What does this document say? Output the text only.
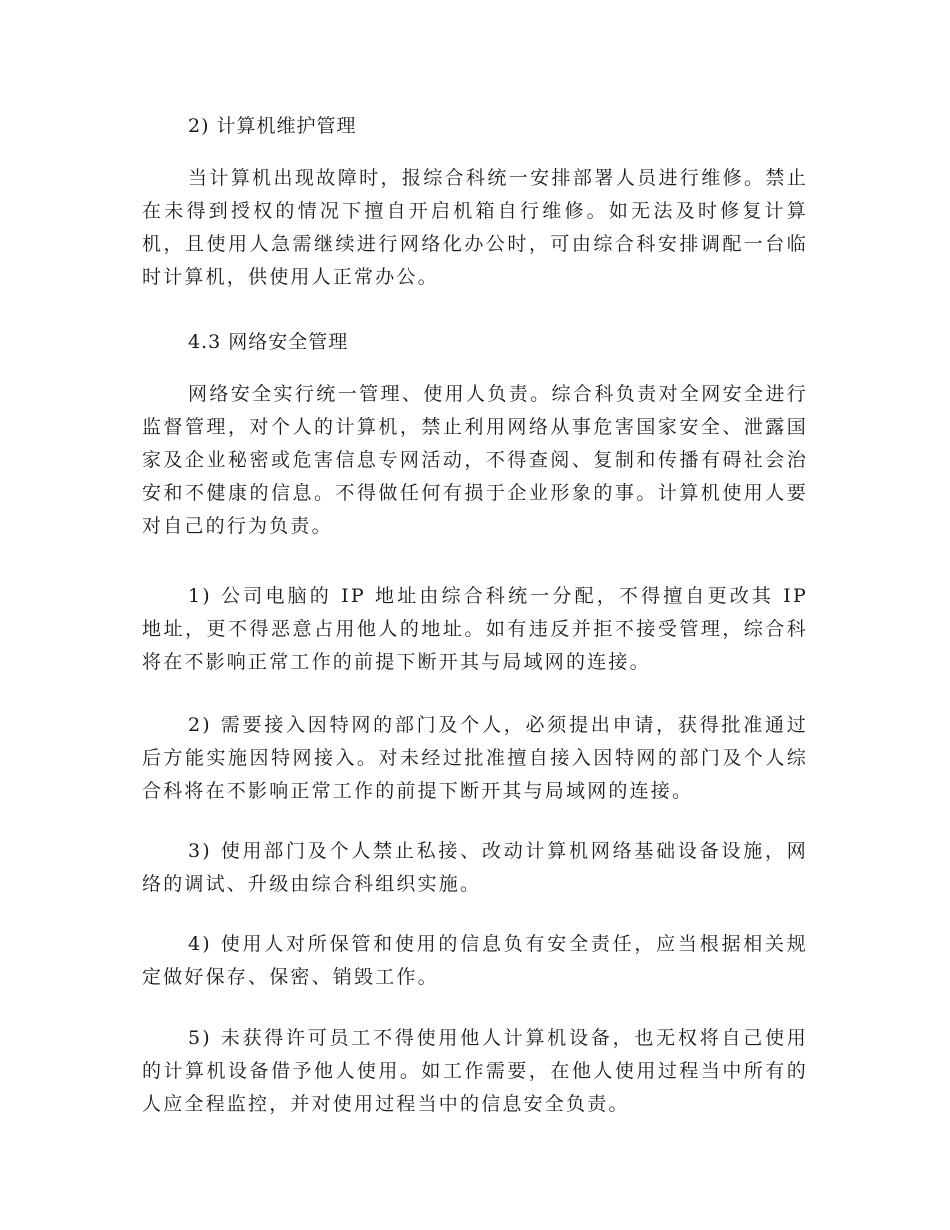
2) 计算机维护管理
当计算机出现故障时，报综合科统一安排部署人员进行维修。禁止在未得到授权的情况下擅自开启机箱自行维修。如无法及时修复计算机，且使用人急需继续进行网络化办公时，可由综合科安排调配一台临时计算机，供使用人正常办公。
4.3 网络安全管理
网络安全实行统一管理、使用人负责。综合科负责对全网安全进行监督管理，对个人的计算机，禁止利用网络从事危害国家安全、泄露国家及企业秘密或危害信息专网活动，不得查阅、复制和传播有碍社会治安和不健康的信息。不得做任何有损于企业形象的事。计算机使用人要对自己的行为负责。
1) 公司电脑的 IP 地址由综合科统一分配，不得擅自更改其 IP 地址，更不得恶意占用他人的地址。如有违反并拒不接受管理，综合科将在不影响正常工作的前提下断开其与局域网的连接。
2) 需要接入因特网的部门及个人，必须提出申请，获得批准通过后方能实施因特网接入。对未经过批准擅自接入因特网的部门及个人综合科将在不影响正常工作的前提下断开其与局域网的连接。
3) 使用部门及个人禁止私接、改动计算机网络基础设备设施，网络的调试、升级由综合科组织实施。
4) 使用人对所保管和使用的信息负有安全责任，应当根据相关规定做好保存、保密、销毁工作。
5) 未获得许可员工不得使用他人计算机设备，也无权将自己使用的计算机设备借予他人使用。如工作需要，在他人使用过程当中所有的人应全程监控，并对使用过程当中的信息安全负责。
